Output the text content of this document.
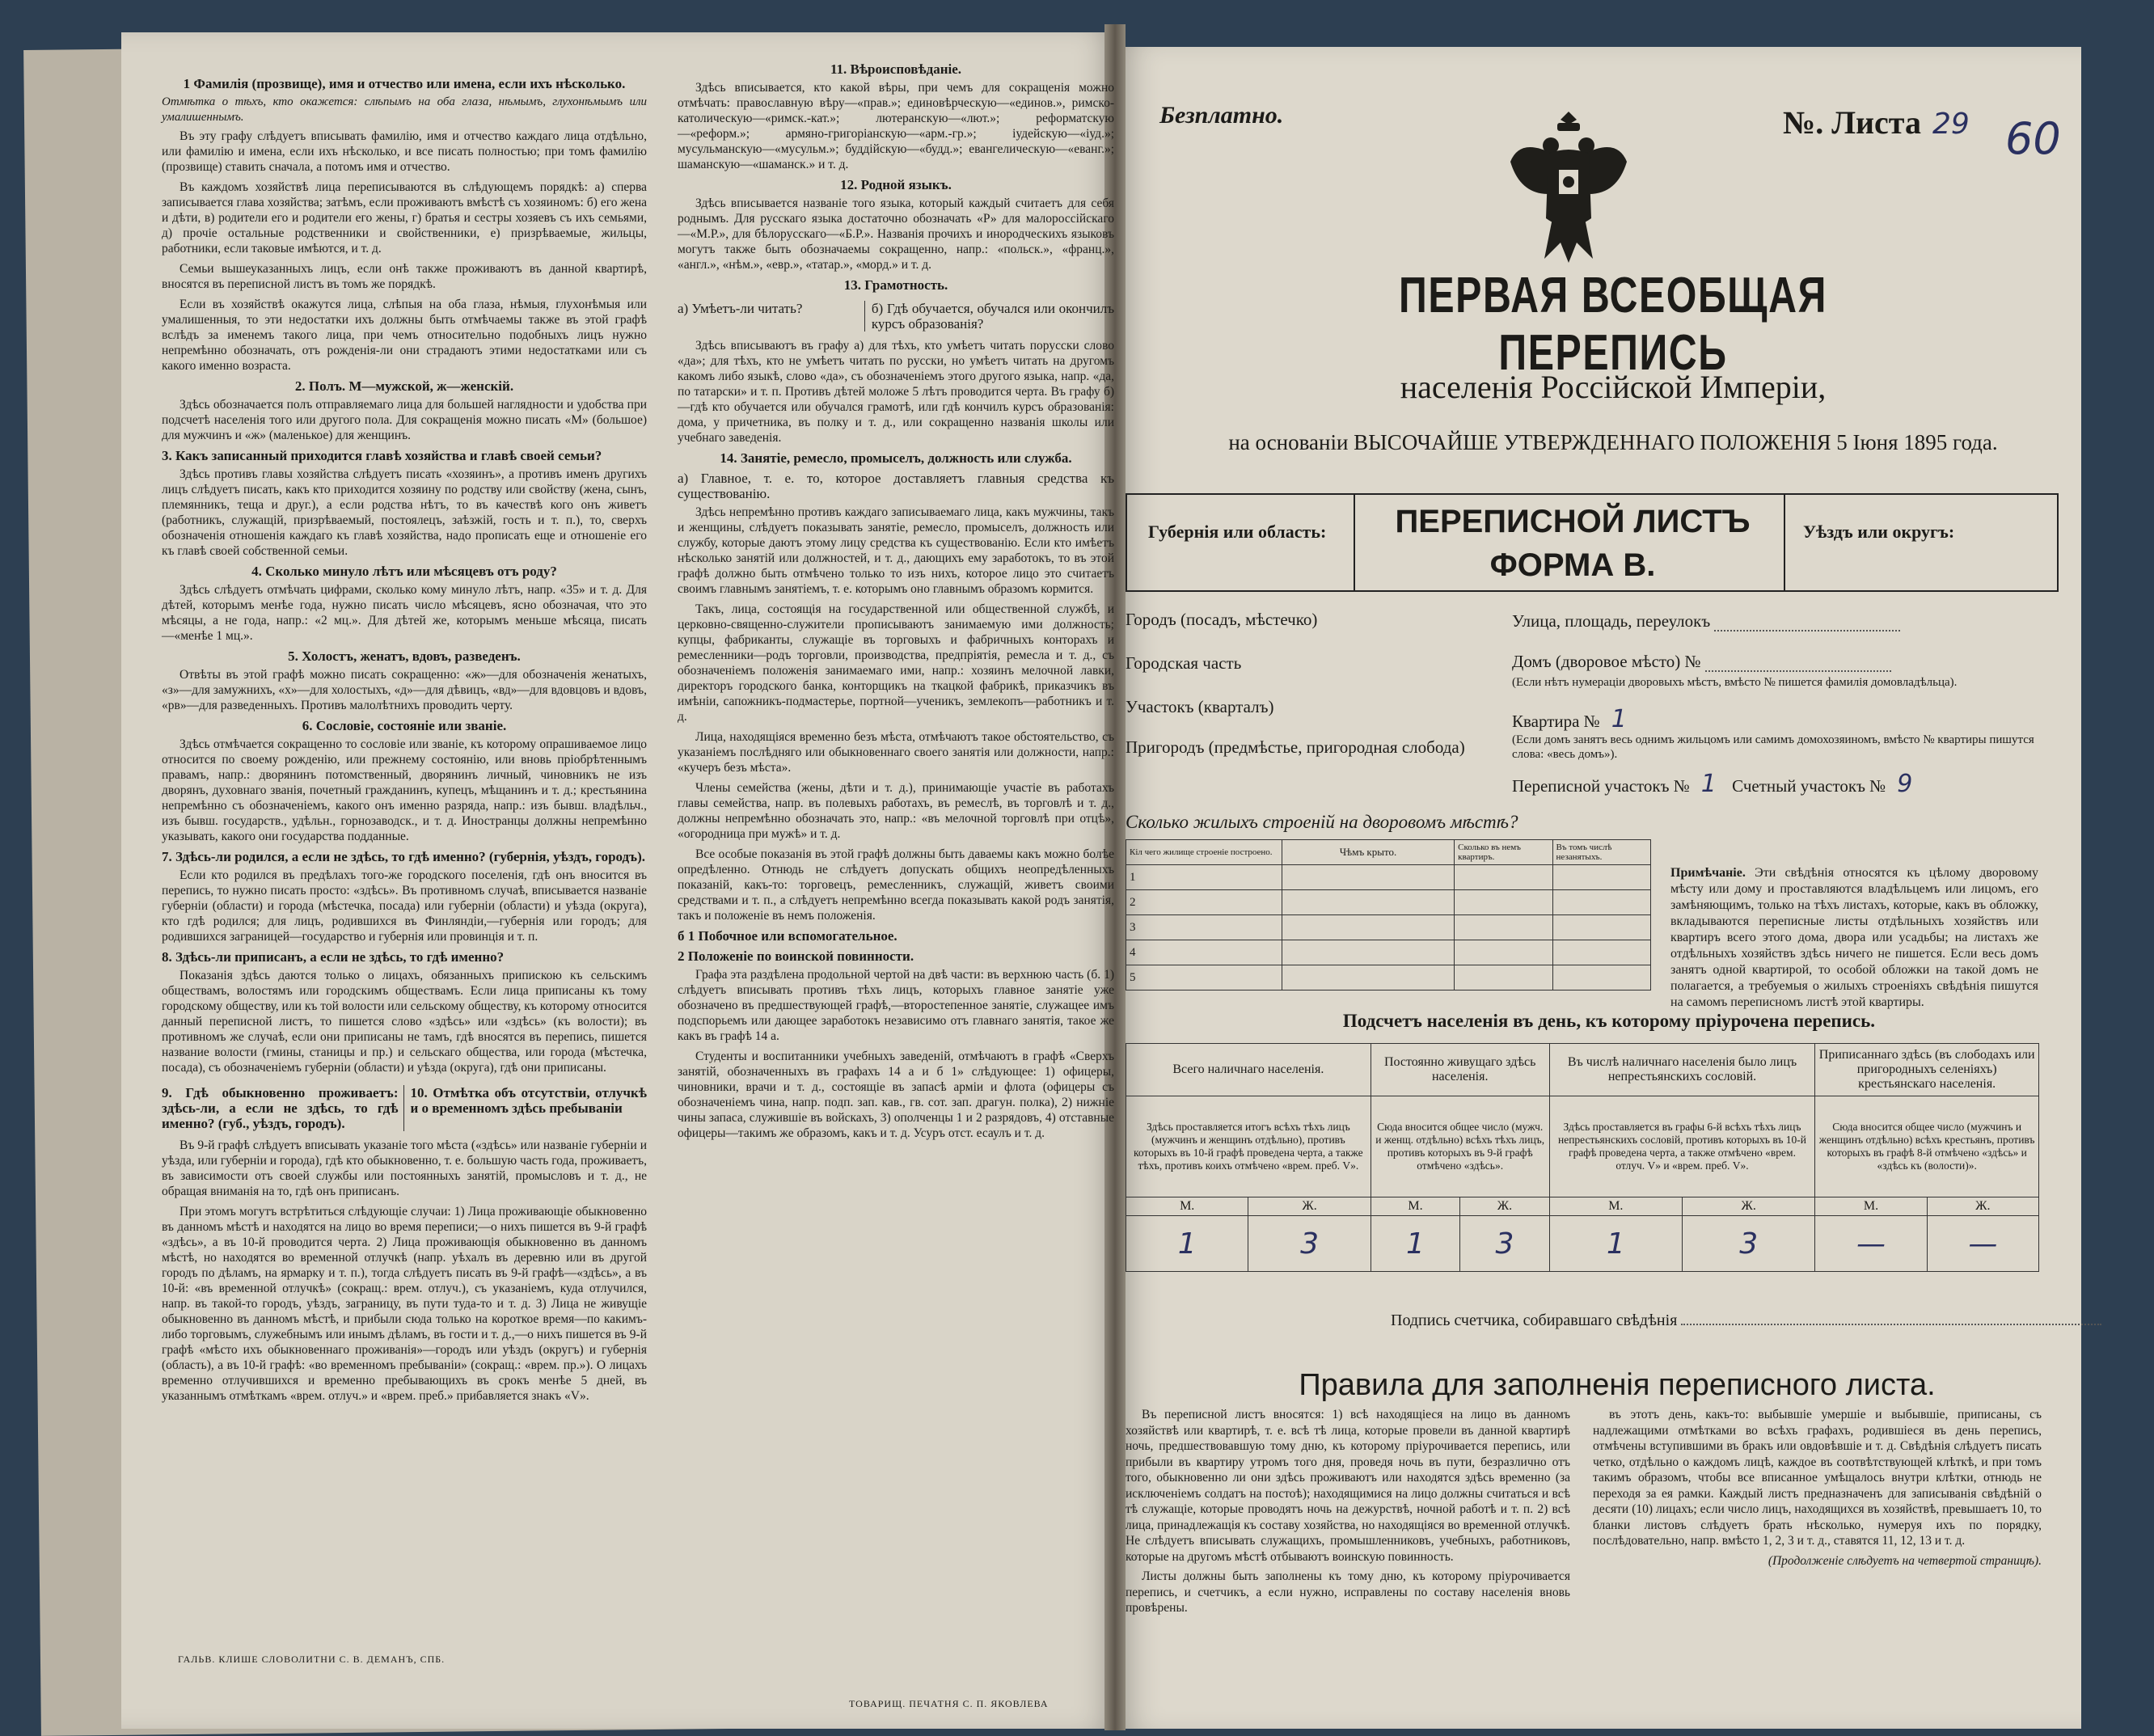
1 Фамилія (прозвище), имя и отчество или имена, если ихъ нѣсколько.

Отмѣтка о тѣхъ, кто окажется: слѣпымъ на оба глаза, нѣмымъ, глухонѣмымъ или умалишеннымъ.

Въ эту графу слѣдуетъ вписывать фамилію, имя и отчество каждаго лица отдѣльно, или фамилію и имена, если ихъ нѣсколько, и все писать полностью; при томъ фамилію (прозвище) ставить сначала, а потомъ имя и отчество.

Въ каждомъ хозяйствѣ лица переписываются въ слѣдующемъ порядкѣ: а) сперва записывается глава хозяйства; затѣмъ, если проживаютъ вмѣстѣ съ хозяиномъ: б) его жена и дѣти, в) родители его и родители его жены, г) братья и сестры хозяевъ съ ихъ семьями, д) прочіе остальные родственники и свойственники, е) призрѣваемые, жильцы, работники, если таковые имѣются, и т. д.

Семьи вышеуказанныхъ лицъ, если онѣ также проживаютъ въ данной квартирѣ, вносятся въ переписной листъ въ томъ же порядкѣ.

Если въ хозяйствѣ окажутся лица, слѣпыя на оба глаза, нѣмыя, глухонѣмыя или умалишенныя, то эти недостатки ихъ должны быть отмѣчаемы также въ этой графѣ вслѣдъ за именемъ такого лица, при чемъ относительно подобныхъ лицъ нужно непремѣнно обозначать, отъ рожденія-ли они страдаютъ этими недостатками или съ какого именно возраста.

2. Полъ. М—мужской, ж—женскій.

Здѣсь обозначается полъ отправляемаго лица для большей наглядности и удобства при подсчетѣ населенія того или другого пола. Для сокращенія можно писать «М» (большое) для мужчинъ и «ж» (маленькое) для женщинъ.

3. Какъ записанный приходится главѣ хозяйства и главѣ своей семьи?

Здѣсь противъ главы хозяйства слѣдуетъ писать «хозяинъ», а противъ именъ другихъ лицъ слѣдуетъ писать, какъ кто приходится хозяину по родству или свойству (жена, сынъ, племянникъ, теща и друг.), а если родства нѣтъ, то въ качествѣ кого онъ живетъ (работникъ, служащій, призрѣваемый, постоялецъ, заѣзжій, гость и т. п.), то, сверхъ обозначенія отношенія каждаго къ главѣ хозяйства, надо прописать еще и отношеніе его къ главѣ своей собственной семьи.

4. Сколько минуло лѣтъ или мѣсяцевъ отъ роду?

Здѣсь слѣдуетъ отмѣчать цифрами, сколько кому минуло лѣтъ, напр. «35» и т. д. Для дѣтей, которымъ менѣе года, нужно писать число мѣсяцевъ, ясно обозначая, что это мѣсяцы, а не года, напр.: «2 мц.». Для дѣтей же, которымъ меньше мѣсяца, писать—«менѣе 1 мц.».

5. Холостъ, женатъ, вдовъ, разведенъ.

Отвѣты въ этой графѣ можно писать сокращенно: «ж»—для обозначенія женатыхъ, «з»—для замужнихъ, «х»—для холостыхъ, «д»—для дѣвицъ, «вд»—для вдовцовъ и вдовъ, «рв»—для разведенныхъ. Противъ малолѣтнихъ проводить черту.

6. Сословіе, состояніе или званіе.

Здѣсь отмѣчается сокращенно то сословіе или званіе, къ которому опрашиваемое лицо относится по своему рожденію, или прежнему состоянію, или вновь пріобрѣтеннымъ правамъ, напр.: дворянинъ потомственный, дворянинъ личный, чиновникъ не изъ дворянъ, духовнаго званія, почетный гражданинъ, купецъ, мѣщанинъ и т. д.; крестьянина непремѣнно съ обозначеніемъ, какого онъ именно разряда, напр.: изъ бывш. владѣльч., изъ бывш. государств., удѣльн., горнозаводск., и т. д. Иностранцы должны непремѣнно указывать, какого они государства подданные.

7. Здѣсь-ли родился, а если не здѣсь, то гдѣ именно? (губернія, уѣздъ, городъ).

Если кто родился въ предѣлахъ того-же городского поселенія, гдѣ онъ вносится въ перепись, то нужно писать просто: «здѣсь». Въ противномъ случаѣ, вписывается названіе губерніи (области) и города (мѣстечка, посада) или губерніи (области) и уѣзда (округа), кто гдѣ родился; для лицъ, родившихся въ Финляндіи,—губернія или городъ; для родившихся заграницей—государство и губернія или провинція и т. п.

8. Здѣсь-ли приписанъ, а если не здѣсь, то гдѣ именно?

Показанія здѣсь даются только о лицахъ, обязанныхъ припискою къ сельскимъ обществамъ, волостямъ или городскимъ обществамъ. Если лица приписаны къ тому городскому обществу, или къ той волости или сельскому обществу, къ которому относится данный переписной листъ, то пишется слово «здѣсь» или «здѣсь» (къ волости); въ противномъ же случаѣ, если они приписаны не тамъ, гдѣ вносятся въ перепись, пишется название волости (гмины, станицы и пр.) и сельскаго общества, или города (мѣстечка, посада), съ обозначеніемъ губерніи (области) и уѣзда (округа), гдѣ они приписаны.

9. Гдѣ обыкновенно проживаетъ: здѣсь-ли, а если не здѣсь, то гдѣ именно? (губ., уѣздъ, городъ).
10. Отмѣтка объ отсутствіи, отлучкѣ и о временномъ здѣсь пребываніи

Въ 9-й графѣ слѣдуетъ вписывать указаніе того мѣста («здѣсь» или названіе губерніи и уѣзда, или губерніи и города), гдѣ кто обыкновенно, т. е. большую часть года, проживаетъ, въ зависимости отъ своей службы или постоянныхъ занятій, промысловъ и т. д., не обращая вниманія на то, гдѣ онъ приписанъ.

При этомъ могутъ встрѣтиться слѣдующіе случаи: 1) Лица проживающіе обыкновенно въ данномъ мѣстѣ и находятся на лицо во время переписи;—о нихъ пишется въ 9-й графѣ «здѣсь», а въ 10-й проводится черта. 2) Лица проживающія обыкновенно въ данномъ мѣстѣ, но находятся во временной отлучкѣ (напр. уѣхалъ въ деревню или въ другой городъ по дѣламъ, на ярмарку и т. п.), тогда слѣдуетъ писать въ 9-й графѣ—«здѣсь», а въ 10-й: «въ временной отлучкѣ» (сокращ.: врем. отлуч.), съ указаніемъ, куда отлучился, напр. въ такой-то городъ, уѣздъ, заграницу, въ пути туда-то и т. д. 3) Лица не живущіе обыкновенно въ данномъ мѣстѣ, и прибыли сюда только на короткое время—по какимъ-либо торговымъ, служебнымъ или инымъ дѣламъ, въ гости и т. д.,—о нихъ пишется въ 9-й графѣ «мѣсто ихъ обыкновеннаго проживанія»—городъ или уѣздъ (округъ) и губернія (область), а въ 10-й графѣ: «во временномъ пребываніи» (сокращ.: «врем. пр.»). О лицахъ временно отлучившихся и временно пребывающихъ въ срокъ менѣе 5 дней, въ указаннымъ отмѣткамъ «врем. отлуч.» и «врем. преб.» прибавляется знакъ «V».

ГАЛЬВ. КЛИШЕ СЛОВОЛИТНИ С. В. ДЕМАНЪ, СПБ.

11. Вѣроисповѣданіе.

Здѣсь вписывается, кто какой вѣры, при чемъ для сокращенія можно отмѣчать: православную вѣру—«прав.»; единовѣрческую—«единов.», римско-католическую—«римск.-кат.»; лютеранскую—«лют.»; реформатскую—«реформ.»; армяно-григоріанскую—«арм.-гр.»; іудейскую—«іуд.»; мусульманскую—«мусульм.»; буддійскую—«будд.»; евангелическую—«еванг.»; шаманскую—«шаманск.» и т. д.

12. Родной языкъ.

Здѣсь вписывается названіе того языка, который каждый считаетъ для себя роднымъ. Для русскаго языка достаточно обозначать «Р» для малороссійскаго—«М.Р.», для бѣлорусскаго—«Б.Р.». Названія прочихъ и инородческихъ языковъ могутъ также быть обозначаемы сокращенно, напр.: «польск.», «франц.», «англ.», «нѣм.», «евр.», «татар.», «морд.» и т. д.

13. Грамотность.

а) Умѣетъ-ли читать?	б) Гдѣ обучается, обучался или окончилъ курсъ образованія?

Здѣсь вписываютъ въ графу а) для тѣхъ, кто умѣетъ читать порусски слово «да»; для тѣхъ, кто не умѣетъ читать по русски, но умѣетъ читать на другомъ какомъ либо языкѣ, слово «да», съ обозначеніемъ этого другого языка, напр. «да, по татарски» и т. п. Противъ дѣтей моложе 5 лѣтъ проводится черта. Въ графу б)—гдѣ кто обучается или обучался грамотѣ, или гдѣ кончилъ курсъ образованія: дома, у причетника, въ полку и т. д., или сокращенно названія школы или учебнаго заведенія.

14. Занятіе, ремесло, промыселъ, должность или служба.

а) Главное, т. е. то, которое доставляетъ главныя средства къ существованію.

Здѣсь непремѣнно противъ каждаго записываемаго лица, какъ мужчины, такъ и женщины, слѣдуетъ показывать занятіе, ремесло, промыселъ, должность или службу, которые даютъ этому лицу средства къ существованію. Если кто имѣетъ нѣсколько занятій или должностей, и т. д., дающихъ ему заработокъ, то въ этой графѣ должно быть отмѣчено только то изъ нихъ, которое лицо это считаетъ своимъ главнымъ занятіемъ, т. е. которымъ оно главнымъ образомъ кормится.

Такъ, лица, состоящія на государственной или общественной службѣ, и церковно-священно-служители прописываютъ занимаемую ими должность; купцы, фабриканты, служащіе въ торговыхъ и фабричныхъ конторахъ и ремесленники—родъ торговли, производства, предпріятія, ремесла и т. д., съ обозначеніемъ положенія занимаемаго ими, напр.: хозяинъ мелочной лавки, директоръ городского банка, конторщикъ на ткацкой фабрикѣ, приказчикъ въ имѣніи, сапожникъ-подмастерье, портной—ученикъ, землекопъ—работникъ и т. д.

Лица, находящіяся временно безъ мѣста, отмѣчаютъ такое обстоятельство, съ указаніемъ послѣдняго или обыкновеннаго своего занятія или должности, напр.: «кучеръ безъ мѣста».

Члены семейства (жены, дѣти и т. д.), принимающіе участіе въ работахъ главы семейства, напр. въ полевыхъ работахъ, въ ремеслѣ, въ торговлѣ и т. д., должны непремѣнно обозначать это, напр.: «въ мелочной торговлѣ при отцѣ», «огородница при мужѣ» и т. д.

Все особые показанія въ этой графѣ должны быть даваемы какъ можно болѣе опредѣленно. Отнюдь не слѣдуетъ допускать общихъ неопредѣленныхъ показаній, какъ-то: торговецъ, ремесленникъ, служащій, живетъ своими средствами и т. п., а слѣдуетъ непремѣнно всегда показывать какой родъ занятія, такъ и положеніе въ немъ положенія.

б 1 Побочное или вспомогательное.

2 Положеніе по воинской повинности.

Графа эта раздѣлена продольной чертой на двѣ части: въ верхнюю часть (б. 1) слѣдуетъ вписывать противъ тѣхъ лицъ, которыхъ главное занятіе уже обозначено въ предшествующей графѣ,—второстепенное занятіе, служащее имъ подспорьемъ или дающее заработокъ независимо отъ главнаго занятія, такое же какъ въ графѣ 14 а.

Студенты и воспитанники учебныхъ заведеній, отмѣчаютъ в графѣ «Сверхъ занятій, обозначенныхъ въ графахъ 14 а и б 1» слѣдующее: 1) офицеры, чиновники, врачи и т. д., состоящіе въ запасѣ арміи и флота (офицеры съ обозначеніемъ чина, напр. подп. зап. кав., гв. сот. зап. драгун. полка), 2) нижніе чины запаса, служившіе въ войскахъ, 3) ополченцы 1 и 2 разрядовъ, 4) отставные офицеры—такимъ же образомъ, какъ и т. д. Усуръ отст. есаулъ и т. д.

ТОВАРИЩ. ПЕЧАТНЯ С. П. ЯКОВЛЕВА
Безплатно.	№. Листа 29 60
ПЕРВАЯ ВСЕОБЩАЯ ПЕРЕПИСЬ
населенія Россійской Имперіи,
на основаніи ВЫСОЧАЙШЕ УТВЕРЖДЕННАГО ПОЛОЖЕНІЯ 5 Іюня 1895 года.
Губернія или область:	Уѣздъ или округъ:
ПЕРЕПИСНОЙ ЛИСТЪ
ФОРМА В.
Городъ (посадъ, мѣстечко)
Городская часть
Участокъ (кварталъ)
Пригородъ (предмѣстье, пригородная слобода)
Улица, площадь, переулокъ
Домъ (дворовое мѣсто) №
(Если нѣтъ нумераціи дворовыхъ мѣстъ, вмѣсто № пишется фамилія домовладѣльца).
Квартира № 1
(Если домъ занятъ весь однимъ жильцомъ или самимъ домохозяиномъ, вмѣсто № квартиры пишутся слова: «весь домъ»).
Переписной участокъ № 1 Счетный участокъ № 9
Сколько жилыхъ строеній на дворовомъ мѣстѣ?
Кіл чего жилище строеніе построено.	Чѣмъ крыто.	Сколько въ немъ квартиръ.	Въ томъ числѣ незанятыхъ.
1			
2			
3			
4			
5			
Примѣчаніе. Эти свѣдѣнія относятся къ цѣлому дворовому мѣсту или дому и проставляются владѣльцемъ или лицомъ, его замѣняющимъ, только на тѣхъ листахъ, которые, какъ въ обложку, вкладываются переписные листы отдѣльныхъ хозяйствъ или квартиръ всего этого дома, двора или усадьбы; на листахъ же отдѣльныхъ хозяйствъ здѣсь ничего не пишется. Если весь домъ занятъ одной квартирой, то особой обложки на такой домъ не полагается, а требуемыя о жилыхъ строеніяхъ свѣдѣнія пишутся на самомъ переписномъ листѣ этой квартиры.
Подсчетъ населенія въ день, къ которому пріурочена перепись.
Всего наличнаго населенія.		Постоянно живущаго здѣсь населенія.		Въ числѣ наличнаго населенія было лицъ непрестьянскихъ сословій.		Приписаннаго здѣсь (въ слободахъ или пригородныхъ селеніяхъ) крестьянскаго населенія.	
Здѣсь проставляется итогъ всѣхъ тѣхъ лицъ (мужчинъ и женщинъ отдѣльно), противъ которыхъ въ 10-й графѣ проведена черта, а также тѣхъ, противъ коихъ отмѣчено «врем. преб. V».		Сюда вносится общее число (мужч. и женщ. отдѣльно) всѣхъ тѣхъ лицъ, противъ которыхъ въ 9-й графѣ отмѣчено «здѣсь».		Здѣсь проставляется въ графы 6-й всѣхъ тѣхъ лицъ непрестьянскихъ сословій, противъ которыхъ въ 10-й графѣ проведена черта, а также отмѣчено «врем. отлуч. V» и «врем. преб. V».		Сюда вносится общее число (мужчинъ и женщинъ отдѣльно) всѣхъ крестьянъ, противъ которыхъ въ графѣ 8-й отмѣчено «здѣсь» и «здѣсь къ (волости)».	
М.	Ж.	М.	Ж.	М.	Ж.	М.	Ж.
1	3	1	3	1	3	—	—
Подпись счетчика, собиравшаго свѣдѣнія
Правила для заполненія переписного листа.

Въ переписной листъ вносятся: 1) всѣ находящіеся на лицо въ данномъ хозяйствѣ или квартирѣ, т. е. всѣ тѣ лица, которые провели въ данной квартирѣ ночь, предшествовавшую тому дню, къ которому пріурочивается перепись, или прибыли въ квартиру утромъ того дня, проведя ночь въ пути, безразлично отъ того, обыкновенно ли они здѣсь проживаютъ или находятся здѣсь временно (за исключеніемъ солдатъ на постоѣ); находящимися на лицо должны считаться и всѣ тѣ служащіе, которые проводятъ ночь на дежурствѣ, ночной работѣ и т. п. 2) всѣ лица, принадлежащія къ составу хозяйства, но находящіяся во временной отлучкѣ. Не слѣдуетъ вписывать служащихъ, промышленниковъ, учебныхъ, работниковъ, которые на другомъ мѣстѣ отбываютъ воинскую повинность.

Листы должны быть заполнены къ тому дню, къ которому пріурочивается перепись, и счетчикъ, а если нужно, исправлены по составу населенія вновь провѣрены.

въ этотъ день, какъ-то: выбывшіе умершіе и выбывшіе, приписаны, съ надлежащими отмѣтками во всѣхъ графахъ, родившіеся въ день перепись, отмѣчены вступившими въ бракъ или овдовѣвшіе и т. д. Свѣдѣнія слѣдуетъ писать четко, отдѣльно о каждомъ лицѣ, каждое въ соотвѣтствующей клѣткѣ, и при томъ такимъ образомъ, чтобы все вписанное умѣщалось внутри клѣтки, отнюдь не переходя за ея рамки. Каждый листъ предназначенъ для записыванія свѣдѣній о десяти (10) лицахъ; если число лицъ, находящихся въ хозяйствѣ, превышаетъ 10, то бланки листовъ слѣдуетъ брать нѣсколько, нумеруя ихъ по порядку, послѣдовательно, напр. вмѣсто 1, 2, 3 и т. д., ставятся 11, 12, 13 и т. д.

(Продолженіе слѣдуетъ на четвертой страницѣ).
